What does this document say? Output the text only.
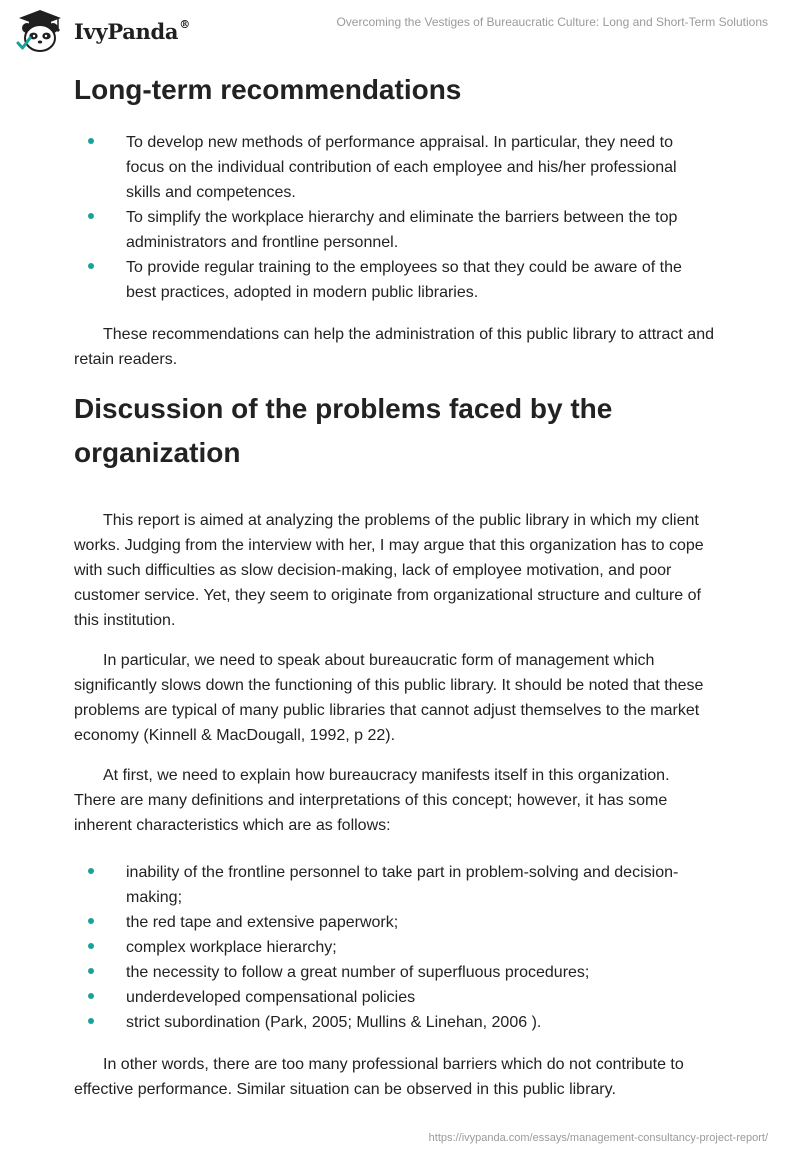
IvyPanda®	Overcoming the Vestiges of Bureaucratic Culture: Long and Short-Term Solutions
Long-term recommendations
To develop new methods of performance appraisal. In particular, they need to focus on the individual contribution of each employee and his/her professional skills and competences.
To simplify the workplace hierarchy and eliminate the barriers between the top administrators and frontline personnel.
To provide regular training to the employees so that they could be aware of the best practices, adopted in modern public libraries.

These recommendations can help the administration of this public library to attract and retain readers.

Discussion of the problems faced by the organization

This report is aimed at analyzing the problems of the public library in which my client works. Judging from the interview with her, I may argue that this organization has to cope with such difficulties as slow decision-making, lack of employee motivation, and poor customer service. Yet, they seem to originate from organizational structure and culture of this institution.

In particular, we need to speak about bureaucratic form of management which significantly slows down the functioning of this public library. It should be noted that these problems are typical of many public libraries that cannot adjust themselves to the market economy (Kinnell & MacDougall, 1992, p 22).

At first, we need to explain how bureaucracy manifests itself in this organization. There are many definitions and interpretations of this concept; however, it has some inherent characteristics which are as follows:

inability of the frontline personnel to take part in problem-solving and decision-making;
the red tape and extensive paperwork;
complex workplace hierarchy;
the necessity to follow a great number of superfluous procedures;
underdeveloped compensational policies
strict subordination (Park, 2005; Mullins & Linehan, 2006 ).

In other words, there are too many professional barriers which do not contribute to effective performance. Similar situation can be observed in this public library.

https://ivypanda.com/essays/management-consultancy-project-report/
